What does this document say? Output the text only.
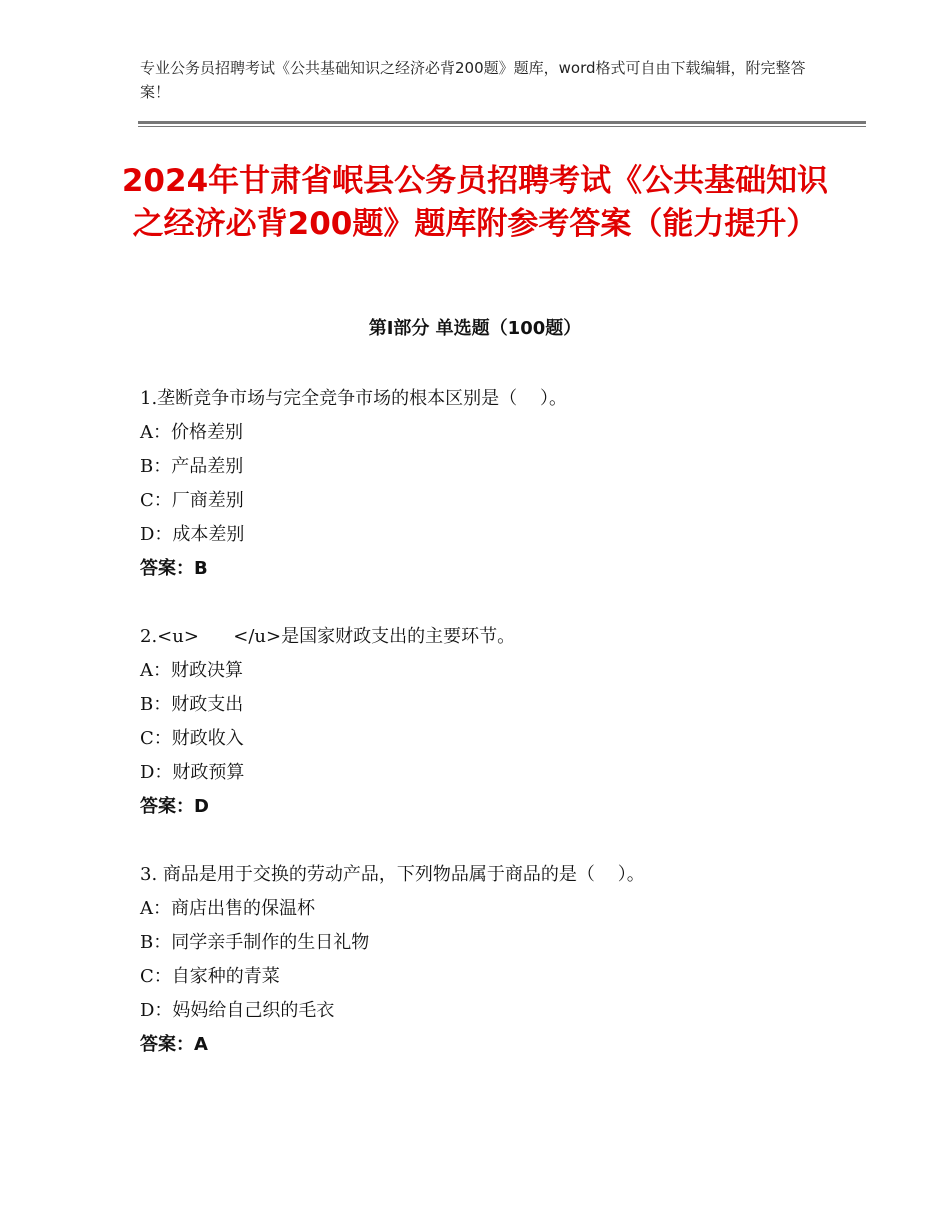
专业公务员招聘考试《公共基础知识之经济必背200题》题库，word格式可自由下载编辑，附完整答案！
2024年甘肃省岷县公务员招聘考试《公共基础知识之经济必背200题》题库附参考答案（能力提升）
第I部分 单选题（100题）
1.垄断竞争市场与完全竞争市场的根本区别是（    ）。
A：价格差别
B：产品差别
C：厂商差别
D：成本差别
答案：B
2.<u>      </u>是国家财政支出的主要环节。
A：财政决算
B：财政支出
C：财政收入
D：财政预算
答案：D
3. 商品是用于交换的劳动产品，下列物品属于商品的是（    ）。
A：商店出售的保温杯
B：同学亲手制作的生日礼物
C：自家种的青菜
D：妈妈给自己织的毛衣
答案：A
